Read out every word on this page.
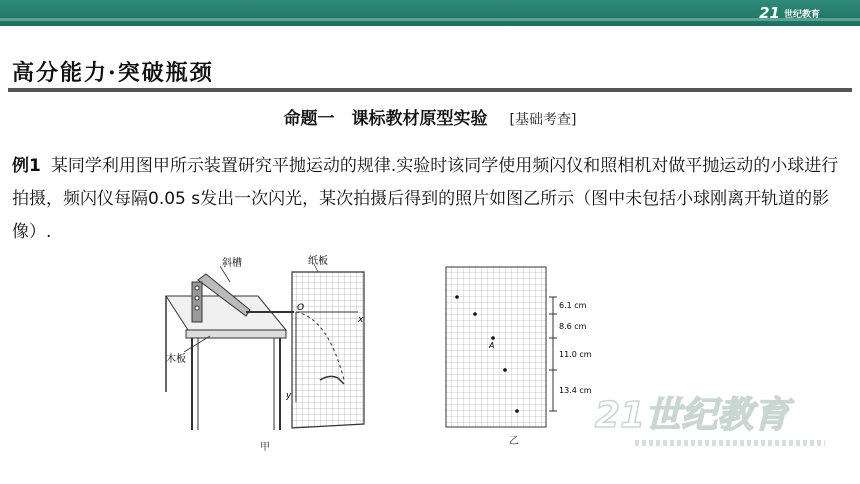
21 世纪教育
高分能力·突破瓶颈
命题一　课标教材原型实验 [基础考查]

例1 某同学利用图甲所示装置研究平抛运动的规律.实验时该同学使用频闪仪和照相机对做平抛运动的小球进行拍摄，频闪仪每隔0.05 s发出一次闪光，某次拍摄后得到的照片如图乙所示（图中未包括小球刚离开轨道的影像）.

斜槽	纸板
木板
O
x
y
甲
A
6.1 cm
8.6 cm
11.0 cm
13.4 cm
乙
21世纪教育
